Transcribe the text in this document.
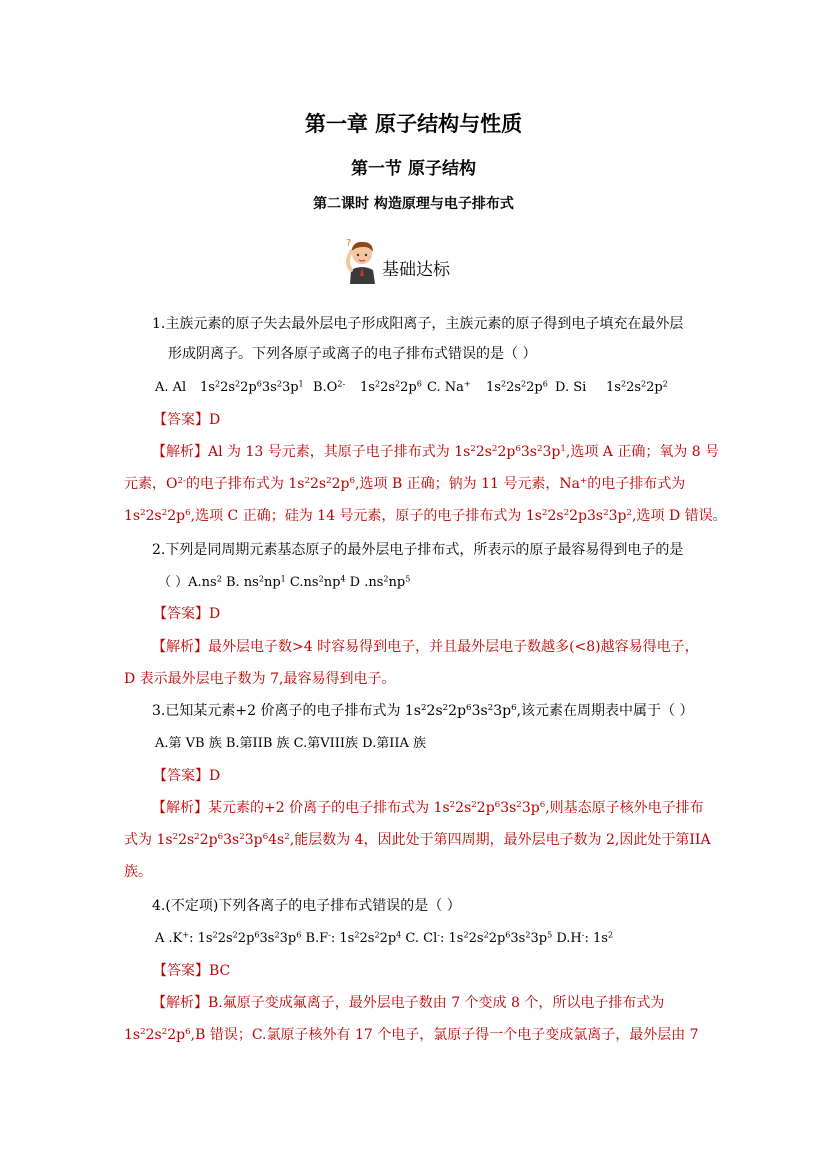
第一章 原子结构与性质
第一节 原子结构
第二课时 构造原理与电子排布式
?
基础达标
1.主族元素的原子失去最外层电子形成阳离子，主族元素的原子得到电子填充在最外层
形成阴离子。下列各原子或离子的电子排布式错误的是（ ）
A. Al $1s^22s^22p^63s^23p^1$ $B.O^{2-}$ $1s^22s^22p^6$ C. Na+ $1s^22s^22p^6$ D. Si $1s^22s^22p^2$
【答案】D
【解析】Al 为 13 号元素，其原子电子排布式为 $1s^22s^22p^63s^23p^1$,选项 A 正确；氧为 8 号
元素，$O^{2-}$的电子排布式为 $1s^22s^22p^6$,选项 B 正确；钠为 11 号元素，Na+的电子排布式为
$1s^22s^22p^6$,选项 C 正确；硅为 14 号元素，原子的电子排布式为 $1s^22s^22p3s^23p^2$,选项 D 错误。
2.下列是同周期元素基态原子的最外层电子排布式，所表示的原子最容易得到电子的是
（ ）$A.ns^2$ B. $ns^2np^1$ $C.ns^2np^4$ D $.ns^2np^5$
【答案】D
【解析】最外层电子数>4 时容易得到电子，并且最外层电子数越多(<8)越容易得电子，
D 表示最外层电子数为 7,最容易得到电子。
3.已知某元素+2 价离子的电子排布式为 $1s^22s^22p^63s^23p^6$,该元素在周期表中属于（ ）
A.第 VB 族 B.第IIB 族 C.第VIII族 D.第IIA 族
【答案】D
【解析】某元素的+2 价离子的电子排布式为 $1s^22s^22p^63s^23p^6$,则基态原子核外电子排布
式为 $1s^22s^22p^63s^23p^64s^2$,能层数为 4，因此处于第四周期，最外层电子数为 2,因此处于第IIA
族。
4.(不定项)下列各离子的电子排布式错误的是（ ）
A .K+: $1s^22s^22p^63s^23p^6$ B.F-: $1s^22s^22p^4$ C. Cl-: $1s^22s^22p^63s^23p^5$ D.H-: $1s^2$
【答案】BC
【解析】B.氟原子变成氟离子，最外层电子数由 7 个变成 8 个，所以电子排布式为
$1s^22s^22p^6,B$ 错误；C.氯原子核外有 17 个电子，氯原子得一个电子变成氯离子，最外层由 7
